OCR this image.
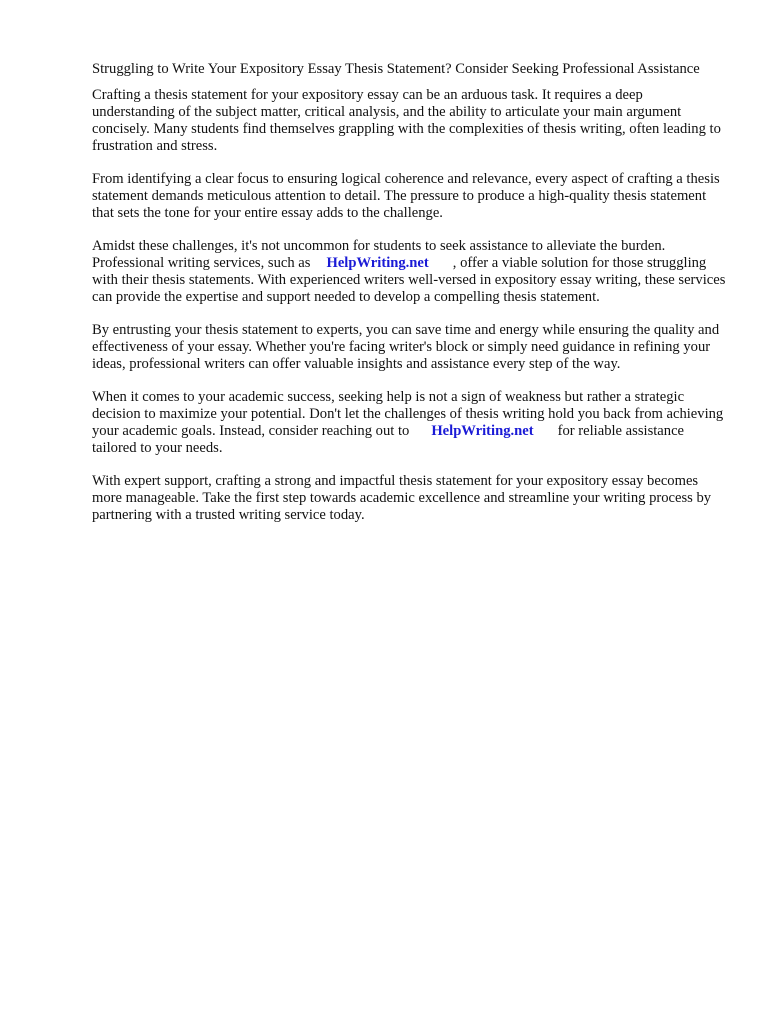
Struggling to Write Your Expository Essay Thesis Statement? Consider Seeking Professional Assistance

Crafting a thesis statement for your expository essay can be an arduous task. It requires a deep understanding of the subject matter, critical analysis, and the ability to articulate your main argument concisely. Many students find themselves grappling with the complexities of thesis writing, often leading to frustration and stress.

From identifying a clear focus to ensuring logical coherence and relevance, every aspect of crafting a thesis statement demands meticulous attention to detail. The pressure to produce a high-quality thesis statement that sets the tone for your entire essay adds to the challenge.

Amidst these challenges, it's not uncommon for students to seek assistance to alleviate the burden. Professional writing services, such as HelpWriting.net , offer a viable solution for those struggling with their thesis statements. With experienced writers well-versed in expository essay writing, these services can provide the expertise and support needed to develop a compelling thesis statement.

By entrusting your thesis statement to experts, you can save time and energy while ensuring the quality and effectiveness of your essay. Whether you're facing writer's block or simply need guidance in refining your ideas, professional writers can offer valuable insights and assistance every step of the way.

When it comes to your academic success, seeking help is not a sign of weakness but rather a strategic decision to maximize your potential. Don't let the challenges of thesis writing hold you back from achieving your academic goals. Instead, consider reaching out to HelpWriting.net for reliable assistance tailored to your needs.

With expert support, crafting a strong and impactful thesis statement for your expository essay becomes more manageable. Take the first step towards academic excellence and streamline your writing process by partnering with a trusted writing service today.
